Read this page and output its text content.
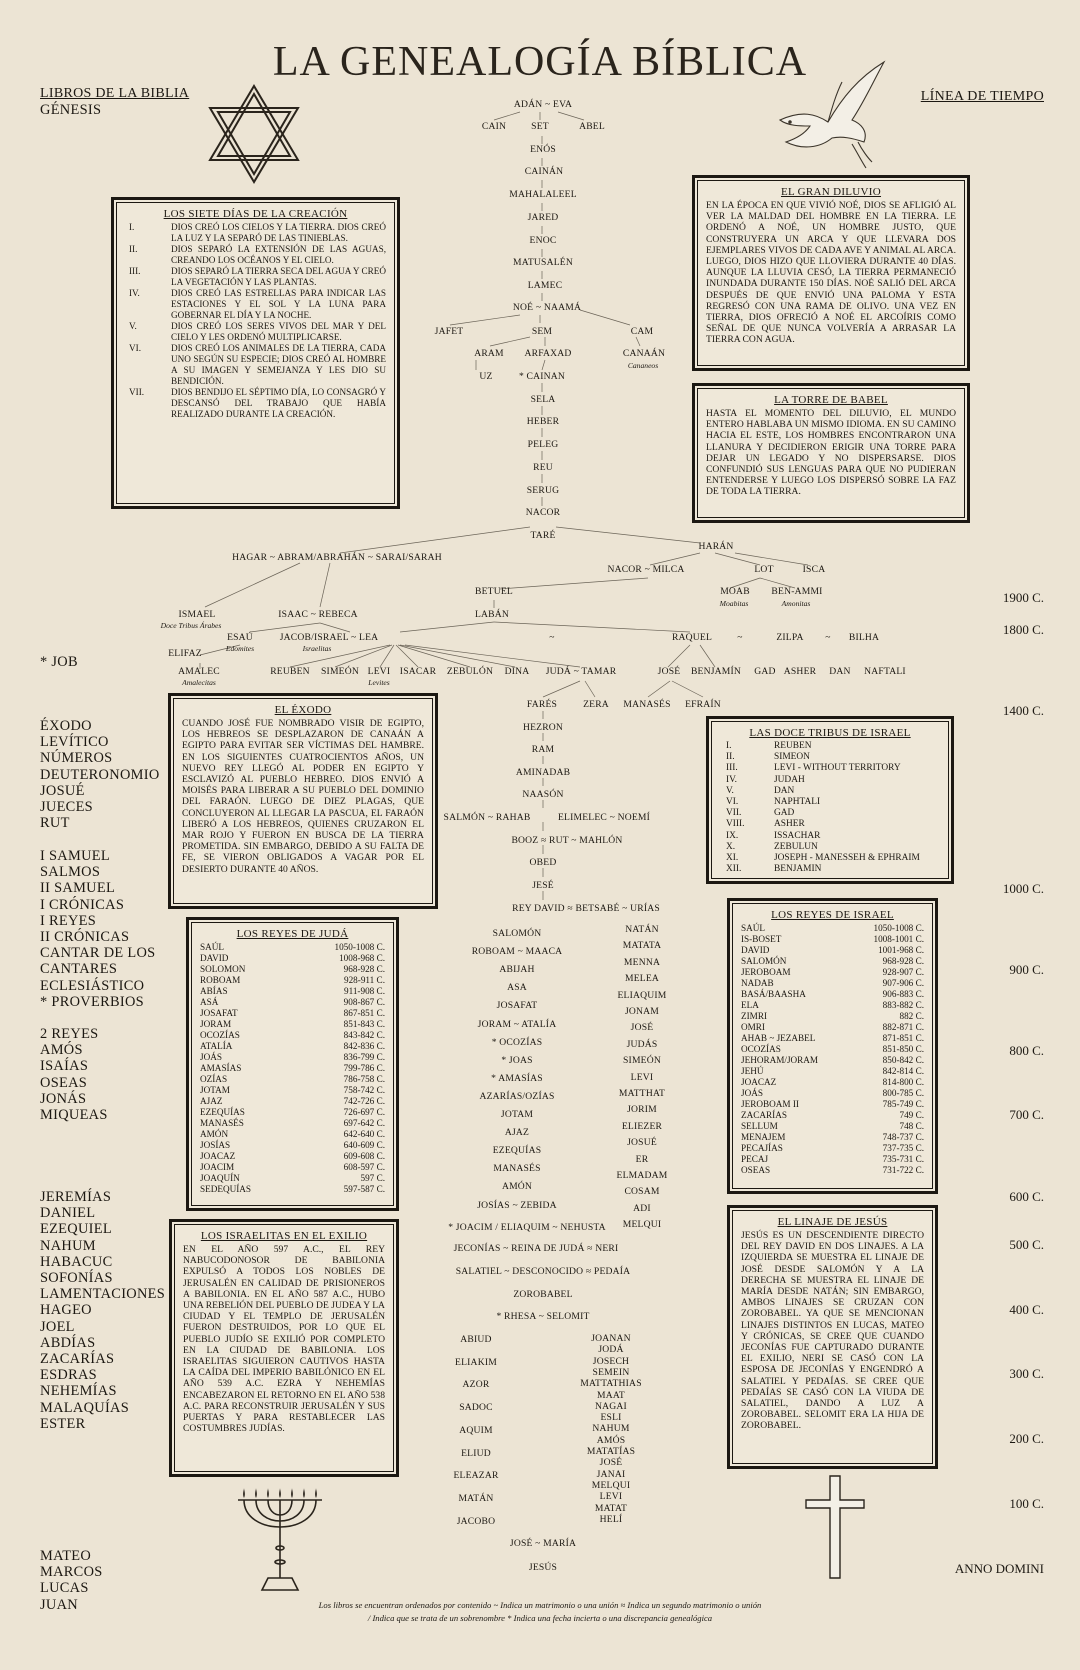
LA GENEALOGÍA BÍBLICA
LIBROS DE LA BIBLIA	LÍNEA DE TIEMPO
GÉNESIS
* JOB
ÉXODO
LEVÍTICO
NÚMEROS
DEUTERONOMIO
JOSUÉ
JUECES
RUT
I SAMUEL
SALMOS
II SAMUEL
I CRÓNICAS
I REYES
II CRÓNICAS
CANTAR DE LOS
CANTARES
ECLESIÁSTICO
* PROVERBIOS
2 REYES
AMÓS
ISAÍAS
OSEAS
JONÁS
MIQUEAS
JEREMÍAS
DANIEL
EZEQUIEL
NAHUM
HABACUC
SOFONÍAS
LAMENTACIONES
HAGEO
JOEL
ABDÍAS
ZACARÍAS
ESDRAS
NEHEMÍAS
MALAQUÍAS
ESTER
MATEO
MARCOS
LUCAS
JUAN
1900 C.
1800 C.
1400 C.
1000 C.
900 C.
800 C.
700 C.
600 C.
500 C.
400 C.
300 C.
200 C.
100 C.
ANNO DOMINI
LOS SIETE DÍAS DE LA CREACIÓN
I.	DIOS CREÓ LOS CIELOS Y LA TIERRA. DIOS CREÓ LA LUZ Y LA SEPARÓ DE LAS TINIEBLAS.
II.	DIOS SEPARÓ LA EXTENSIÓN DE LAS AGUAS, CREANDO LOS OCÉANOS Y EL CIELO.
III.	DIOS SEPARÓ LA TIERRA SECA DEL AGUA Y CREÓ LA VEGETACIÓN Y LAS PLANTAS.
IV.	DIOS CREÓ LAS ESTRELLAS PARA INDICAR LAS ESTACIONES Y EL SOL Y LA LUNA PARA GOBERNAR EL DÍA Y LA NOCHE.
V.	DIOS CREÓ LOS SERES VIVOS DEL MAR Y DEL CIELO Y LES ORDENÓ MULTIPLICARSE.
VI.	DIOS CREÓ LOS ANIMALES DE LA TIERRA, CADA UNO SEGÚN SU ESPECIE; DIOS CREÓ AL HOMBRE A SU IMAGEN Y SEMEJANZA Y LES DIO SU BENDICIÓN.
VII.	DIOS BENDIJO EL SÉPTIMO DÍA, LO CONSAGRÓ Y DESCANSÓ DEL TRABAJO QUE HABÍA REALIZADO DURANTE LA CREACIÓN.
EL GRAN DILUVIO

EN LA ÉPOCA EN QUE VIVIÓ NOÉ, DIOS SE AFLIGIÓ AL VER LA MALDAD DEL HOMBRE EN LA TIERRA. LE ORDENÓ A NOÉ, UN HOMBRE JUSTO, QUE CONSTRUYERA UN ARCA Y QUE LLEVARA DOS EJEMPLARES VIVOS DE CADA AVE Y ANIMAL AL ARCA. LUEGO, DIOS HIZO QUE LLOVIERA DURANTE 40 DÍAS. AUNQUE LA LLUVIA CESÓ, LA TIERRA PERMANECIÓ INUNDADA DURANTE 150 DÍAS. NOÉ SALIÓ DEL ARCA DESPUÉS DE QUE ENVIÓ UNA PALOMA Y ESTA REGRESÓ CON UNA RAMA DE OLIVO. UNA VEZ EN TIERRA, DIOS OFRECIÓ A NOÉ EL ARCOÍRIS COMO SEÑAL DE QUE NUNCA VOLVERÍA A ARRASAR LA TIERRA CON AGUA.

LA TORRE DE BABEL

HASTA EL MOMENTO DEL DILUVIO, EL MUNDO ENTERO HABLABA UN MISMO IDIOMA. EN SU CAMINO HACIA EL ESTE, LOS HOMBRES ENCONTRARON UNA LLANURA Y DECIDIERON ERIGIR UNA TORRE PARA DEJAR UN LEGADO Y NO DISPERSARSE. DIOS CONFUNDIÓ SUS LENGUAS PARA QUE NO PUDIERAN ENTENDERSE Y LUEGO LOS DISPERSÓ SOBRE LA FAZ DE TODA LA TIERRA.

EL ÉXODO

CUANDO JOSÉ FUE NOMBRADO VISIR DE EGIPTO, LOS HEBREOS SE DESPLAZARON DE CANAÁN A EGIPTO PARA EVITAR SER VÍCTIMAS DEL HAMBRE. EN LOS SIGUIENTES CUATROCIENTOS AÑOS, UN NUEVO REY LLEGÓ AL PODER EN EGIPTO Y ESCLAVIZÓ AL PUEBLO HEBREO. DIOS ENVIÓ A MOISÉS PARA LIBERAR A SU PUEBLO DEL DOMINIO DEL FARAÓN. LUEGO DE DIEZ PLAGAS, QUE CONCLUYERON AL LLEGAR LA PASCUA, EL FARAÓN LIBERÓ A LOS HEBREOS, QUIENES CRUZARON EL MAR ROJO Y FUERON EN BUSCA DE LA TIERRA PROMETIDA. SIN EMBARGO, DEBIDO A SU FALTA DE FE, SE VIERON OBLIGADOS A VAGAR POR EL DESIERTO DURANTE 40 AÑOS.

LAS DOCE TRIBUS DE ISRAEL
I.	REUBEN
II.	SIMEON
III.	LEVI - WITHOUT TERRITORY
IV.	JUDAH
V.	DAN
VI.	NAPHTALI
VII.	GAD
VIII.	ASHER
IX.	ISSACHAR
X.	ZEBULUN
XI.	JOSEPH - MANESSEH & EPHRAIM
XII.	BENJAMIN
LOS REYES DE JUDÁ
SAÚL	1050-1008 C.
DAVID	1008-968 C.
SOLOMON	968-928 C.
ROBOAM	928-911 C.
ABÍAS	911-908 C.
ASÁ	908-867 C.
JOSAFAT	867-851 C.
JORAM	851-843 C.
OCOZÍAS	843-842 C.
ATALÍA	842-836 C.
JOÁS	836-799 C.
AMASÍAS	799-786 C.
OZÍAS	786-758 C.
JOTAM	758-742 C.
AJAZ	742-726 C.
EZEQUÍAS	726-697 C.
MANASÉS	697-642 C.
AMÓN	642-640 C.
JOSÍAS	640-609 C.
JOACAZ	609-608 C.
JOACIM	608-597 C.
JOAQUÍN	597 C.
SEDEQUÍAS	597-587 C.
LOS REYES DE ISRAEL
SAÚL	1050-1008 C.
IS-BOSET	1008-1001 C.
DAVID	1001-968 C.
SALOMÓN	968-928 C.
JEROBOAM	928-907 C.
NADAB	907-906 C.
BASÁ/BAASHA	906-883 C.
ELA	883-882 C.
ZIMRI	882 C.
OMRI	882-871 C.
AHAB ~ JEZABEL	871-851 C.
OCOZÍAS	851-850 C.
JEHORAM/JORAM	850-842 C.
JEHÚ	842-814 C.
JOACAZ	814-800 C.
JOÁS	800-785 C.
JEROBOAM II	785-749 C.
ZACARÍAS	749 C.
SELLUM	748 C.
MENAJEM	748-737 C.
PECAJÍAS	737-735 C.
PECAJ	735-731 C.
OSEAS	731-722 C.
LOS ISRAELITAS EN EL EXILIO

EN EL AÑO 597 A.C., EL REY NABUCODONOSOR DE BABILONIA EXPULSÓ A TODOS LOS NOBLES DE JERUSALÉN EN CALIDAD DE PRISIONEROS A BABILONIA. EN EL AÑO 587 A.C., HUBO UNA REBELIÓN DEL PUEBLO DE JUDEA Y LA CIUDAD Y EL TEMPLO DE JERUSALÉN FUERON DESTRUIDOS, POR LO QUE EL PUEBLO JUDÍO SE EXILIÓ POR COMPLETO EN LA CIUDAD DE BABILONIA. LOS ISRAELITAS SIGUIERON CAUTIVOS HASTA LA CAÍDA DEL IMPERIO BABILÓNICO EN EL AÑO 539 A.C. EZRA Y NEHEMÍAS ENCABEZARON EL RETORNO EN EL AÑO 538 A.C. PARA RECONSTRUIR JERUSALÉN Y SUS PUERTAS Y PARA RESTABLECER LAS COSTUMBRES JUDÍAS.

EL LINAJE DE JESÚS

JESÚS ES UN DESCENDIENTE DIRECTO DEL REY DAVID EN DOS LINAJES. A LA IZQUIERDA SE MUESTRA EL LINAJE DE JOSÉ DESDE SALOMÓN Y A LA DERECHA SE MUESTRA EL LINAJE DE MARÍA DESDE NATÁN; SIN EMBARGO, AMBOS LINAJES SE CRUZAN CON ZOROBABEL. YA QUE SE MENCIONAN LINAJES DISTINTOS EN LUCAS, MATEO Y CRÓNICAS, SE CREE QUE CUANDO JECONÍAS FUE CAPTURADO DURANTE EL EXILIO, NERI SE CASÓ CON LA ESPOSA DE JECONÍAS Y ENGENDRÓ A SALATIEL Y PEDAÍAS. SE CREE QUE PEDAÍAS SE CASÓ CON LA VIUDA DE SALATIEL, DANDO A LUZ A ZOROBABEL. SELOMIT ERA LA HIJA DE ZOROBABEL.

ADÁN ~ EVA
CAIN	SET	ABEL
ENÓS
CAINÁN
MAHALALEEL
JARED
ENOC
MATUSALÉN
LAMEC
NOÉ ~ NAAMÁ
JAFET	SEM	CAM
ARAM ARFAXAD	CANAÁN
Cananeos
UZ	* CAINAN
SELA
HEBER
PELEG
REU
SERUG
NACOR
TARÉ
HARÁN
HAGAR ~ ABRAM/ABRAHÁN ~ SARAI/SARAH
NACOR ~ MILCA	LOT	ISCA
BETUEL	MOAB
Moabitas
BEN-AMMI
Amonitas
ISMAEL
Doce Tribus Árabes
ISAAC ~ REBECA	LABÁN
ESAÚ
Edomites
JACOB/ISRAEL ~ LEA
Israelitas
~	RAQUEL	~	ZILPA ~ BILHA
ELIFAZ
AMALEC
Amalecitas
REUBEN SIMEÓN LEVI
Levites
ISACAR ZEBULÓN DINA JUDÁ ~ TAMAR	JOSÉ BENJAMÍN GAD ASHER DAN NAFTALI
FARÉS	ZERA MANASÉS EFRAÍN
HEZRON
RAM
AMINADAB
NAASÓN
SALMÓN ~ RAHAB	ELIMELEC ~ NOEMÍ
BOOZ ≈ RUT ~ MAHLÓN
OBED
JESÉ
REY DAVID ≈ BETSABÉ ~ URÍAS
SALOMÓN
ROBOAM ~ MAACA
ABIJAH
ASA
JOSAFAT
JORAM ~ ATALÍA
* OCOZÍAS
* JOAS
* AMASÍAS
AZARÍAS/OZÍAS
JOTAM
AJAZ
EZEQUÍAS
MANASÉS
AMÓN
JOSÍAS ~ ZEBIDA
NATÁN
MATATA
MENNA
MELEA
ELIAQUIM
JONAM
JOSÉ
JUDÁS
SIMEÓN
LEVI
MATTHAT
JORIM
ELIEZER
JOSUÉ
ER
ELMADAM
COSAM
ADI
MELQUI
* JOACIM / ELIAQUIM ~ NEHUSTA
JECONÍAS ~ REINA DE JUDÁ ≈ NERI
SALATIEL ~ DESCONOCIDO ≈ PEDAÍA
ZOROBABEL
* RHESA ~ SELOMIT
ABIUD
ELIAKIM
AZOR
SADOC
AQUIM
ELIUD
ELEAZAR
MATÁN
JACOBO
JOANAN
JODÁ
JOSECH
SEMEIN
MATTATHIAS
MAAT
NAGAI
ESLI
NAHUM
AMÓS
MATATÍAS
JOSÉ
JANAI
MELQUI
LEVI
MATAT
HELÍ
JOSÉ ~ MARÍA
JESÚS
Los libros se encuentran ordenados por contenido ~ Indica un matrimonio o una unión ≈ Indica un segundo matrimonio o unión
/ Indica que se trata de un sobrenombre * Indica una fecha incierta o una discrepancia genealógica
